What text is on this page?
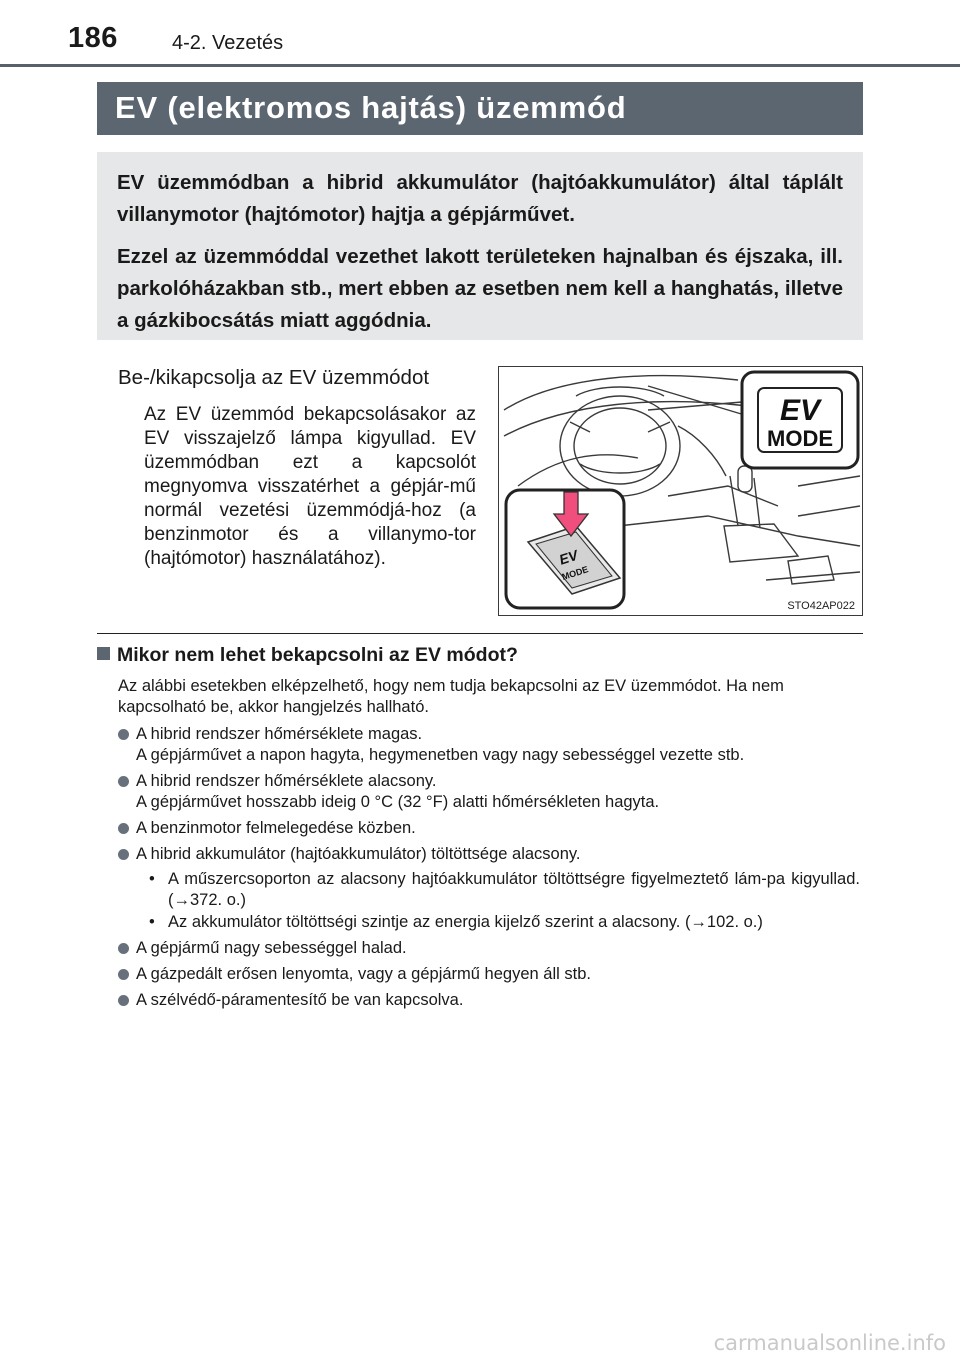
186	4-2. Vezetés
EV (elektromos hajtás) üzemmód

EV üzemmódban a hibrid akkumulátor (hajtóakkumulátor) által táplált villanymotor (hajtómotor) hajtja a gépjárművet.

Ezzel az üzemmóddal vezethet lakott területeken hajnalban és éjszaka, ill. parkolóházakban stb., mert ebben az esetben nem kell a hanghatás, illetve a gázkibocsátás miatt aggódnia.

Be-/kikapcsolja az EV üzemmódot
Az EV üzemmód bekapcsolásakor az EV visszajelző lámpa kigyullad. EV üzemmódban ezt a kapcsolót megnyomva visszatérhet a gépjár-mű normál vezetési üzemmódjá-hoz (a benzinmotor és a villanymo-tor (hajtómotor) használatához).
EV
MODE
EV
MODE
STO42AP022
Mikor nem lehet bekapcsolni az EV módot?

Az alábbi esetekben elképzelhető, hogy nem tudja bekapcsolni az EV üzemmódot. Ha nem kapcsolható be, akkor hangjelzés hallható.

A hibrid rendszer hőmérséklete magas.
A gépjárművet a napon hagyta, hegymenetben vagy nagy sebességgel vezette stb.
A hibrid rendszer hőmérséklete alacsony.
A gépjárművet hosszabb ideig 0 °C (32 °F) alatti hőmérsékleten hagyta.
A benzinmotor felmelegedése közben.
A hibrid akkumulátor (hajtóakkumulátor) töltöttsége alacsony.
• A műszercsoporton az alacsony hajtóakkumulátor töltöttségre figyelmeztető lám-pa kigyullad. (→372. o.)
• Az akkumulátor töltöttségi szintje az energia kijelző szerint a alacsony. (→102. o.)
A gépjármű nagy sebességgel halad.
A gázpedált erősen lenyomta, vagy a gépjármű hegyen áll stb.
A szélvédő-páramentesítő be van kapcsolva.
carmanualsonline.info
